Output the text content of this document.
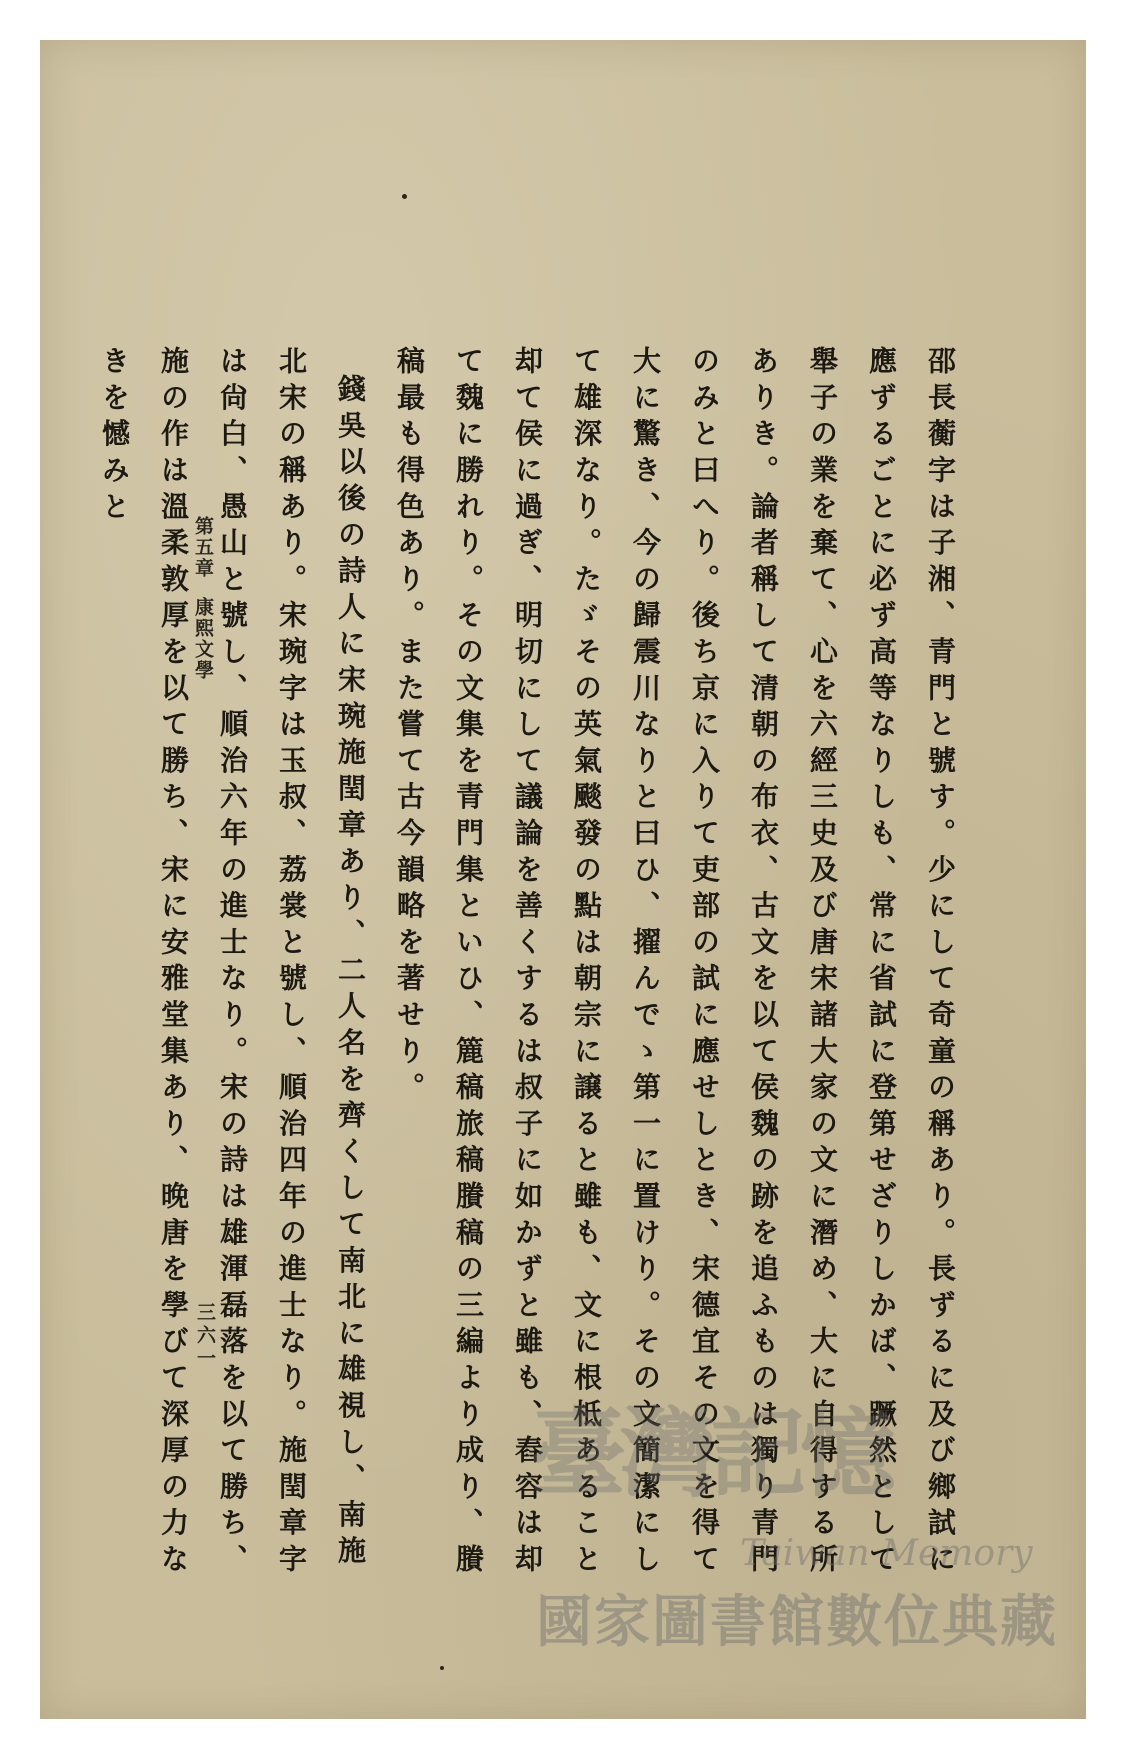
邵長蘅字は子湘、青門と號す。少にして奇童の稱あり。長ずるに及び鄉試に應ずるごとに必ず高等なりしも、常に省試に登第せざりしかば、蹶然として舉子の業を棄て、心を六經三史及び唐宋諸大家の文に潛め、大に自得する所ありき。論者稱して清朝の布衣、古文を以て侯魏の跡を追ふものは獨り青門のみと曰へり。後ち京に入りて吏部の試に應せしとき、宋德宜その文を得て大に驚き、今の歸震川なりと曰ひ、擢んでゝ第一に置けり。その文簡潔にして雄深なり。たゞその英氣颷發の點は朝宗に譲ると雖も、文に根柢あること却て侯に過ぎ、明切にして議論を善くするは叔子に如かずと雖も、舂容は却て魏に勝れり。その文集を青門集といひ、簏稿旅稿賸稿の三編より成り、賸稿最も得色あり。また嘗て古今韻略を著せり。

錢吳以後の詩人に宋琬施閏章あり、二人名を齊くして南北に雄視し、南施北宋の稱あり。宋琬字は玉叔、荔裳と號し、順治四年の進士なり。施閏章字は尙白、愚山と號し、順治六年の進士なり。宋の詩は雄渾磊落を以て勝ち、施の作は溫柔敦厚を以て勝ち、宋に安雅堂集あり、晚唐を學びて深厚の力なきを憾みと

第五章康熙文學
三六一
臺灣記憶
Taiwan Memory
國家圖書館數位典藏
